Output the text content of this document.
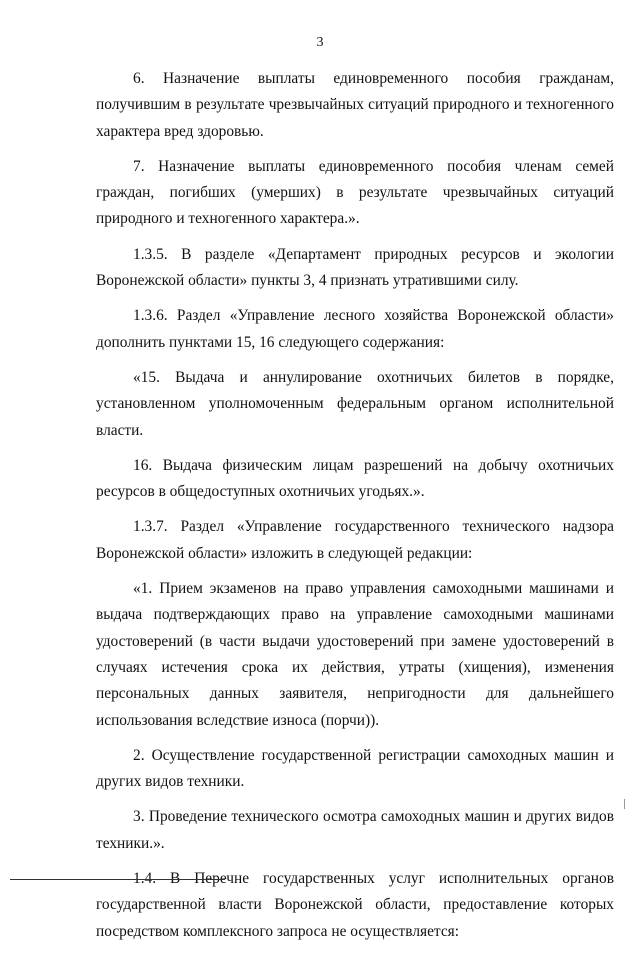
3

6. Назначение выплаты единовременного пособия гражданам, получившим в результате чрезвычайных ситуаций природного и техногенного характера вред здоровью.

7. Назначение выплаты единовременного пособия членам семей граждан, погибших (умерших) в результате чрезвычайных ситуаций природного и техногенного характера.».

1.3.5. В разделе «Департамент природных ресурсов и экологии Воронежской области» пункты 3, 4 признать утратившими силу.

1.3.6. Раздел «Управление лесного хозяйства Воронежской области» дополнить пунктами 15, 16 следующего содержания:

«15. Выдача и аннулирование охотничьих билетов в порядке, установленном уполномоченным федеральным органом исполнительной власти.

16. Выдача физическим лицам разрешений на добычу охотничьих ресурсов в общедоступных охотничьих угодьях.».

1.3.7. Раздел «Управление государственного технического надзора Воронежской области» изложить в следующей редакции:

«1. Прием экзаменов на право управления самоходными машинами и выдача подтверждающих право на управление самоходными машинами удостоверений (в части выдачи удостоверений при замене удостоверений в случаях истечения срока их действия, утраты (хищения), изменения персональных данных заявителя, непригодности для дальнейшего использования вследствие износа (порчи)).

2. Осуществление государственной регистрации самоходных машин и других видов техники.

3. Проведение технического осмотра самоходных машин и других видов техники.».

1.4. В Перечне государственных услуг исполнительных органов государственной власти Воронежской области, предоставление которых посредством комплексного запроса не осуществляется:
